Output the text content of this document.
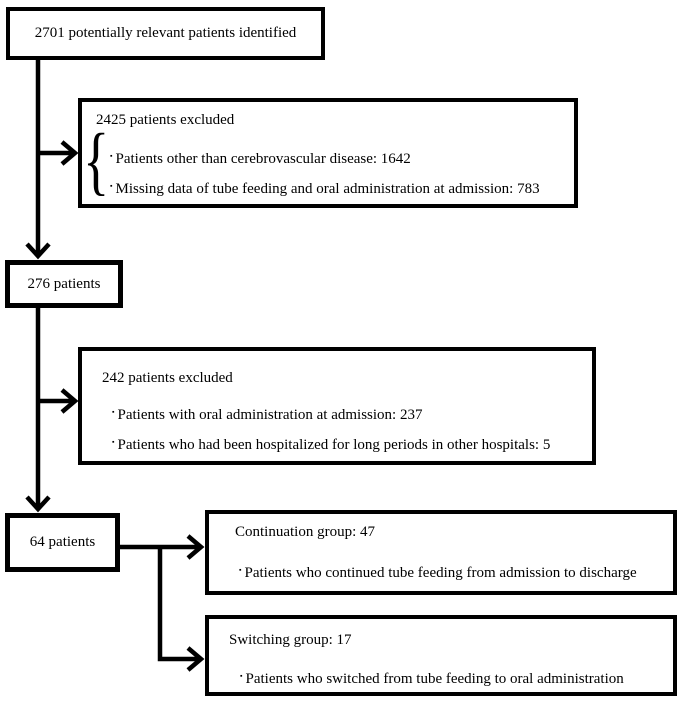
2701 potentially relevant patients identified
2425 patients excluded
{ ▪ Patients other than cerebrovascular disease: 1642
▪ Missing data of tube feeding and oral administration at admission: 783
276 patients
242 patients excluded
▪ Patients with oral administration at admission: 237
▪ Patients who had been hospitalized for long periods in other hospitals: 5
64 patients
Continuation group: 47
▪ Patients who continued tube feeding from admission to discharge
Switching group: 17
▪ Patients who switched from tube feeding to oral administration
